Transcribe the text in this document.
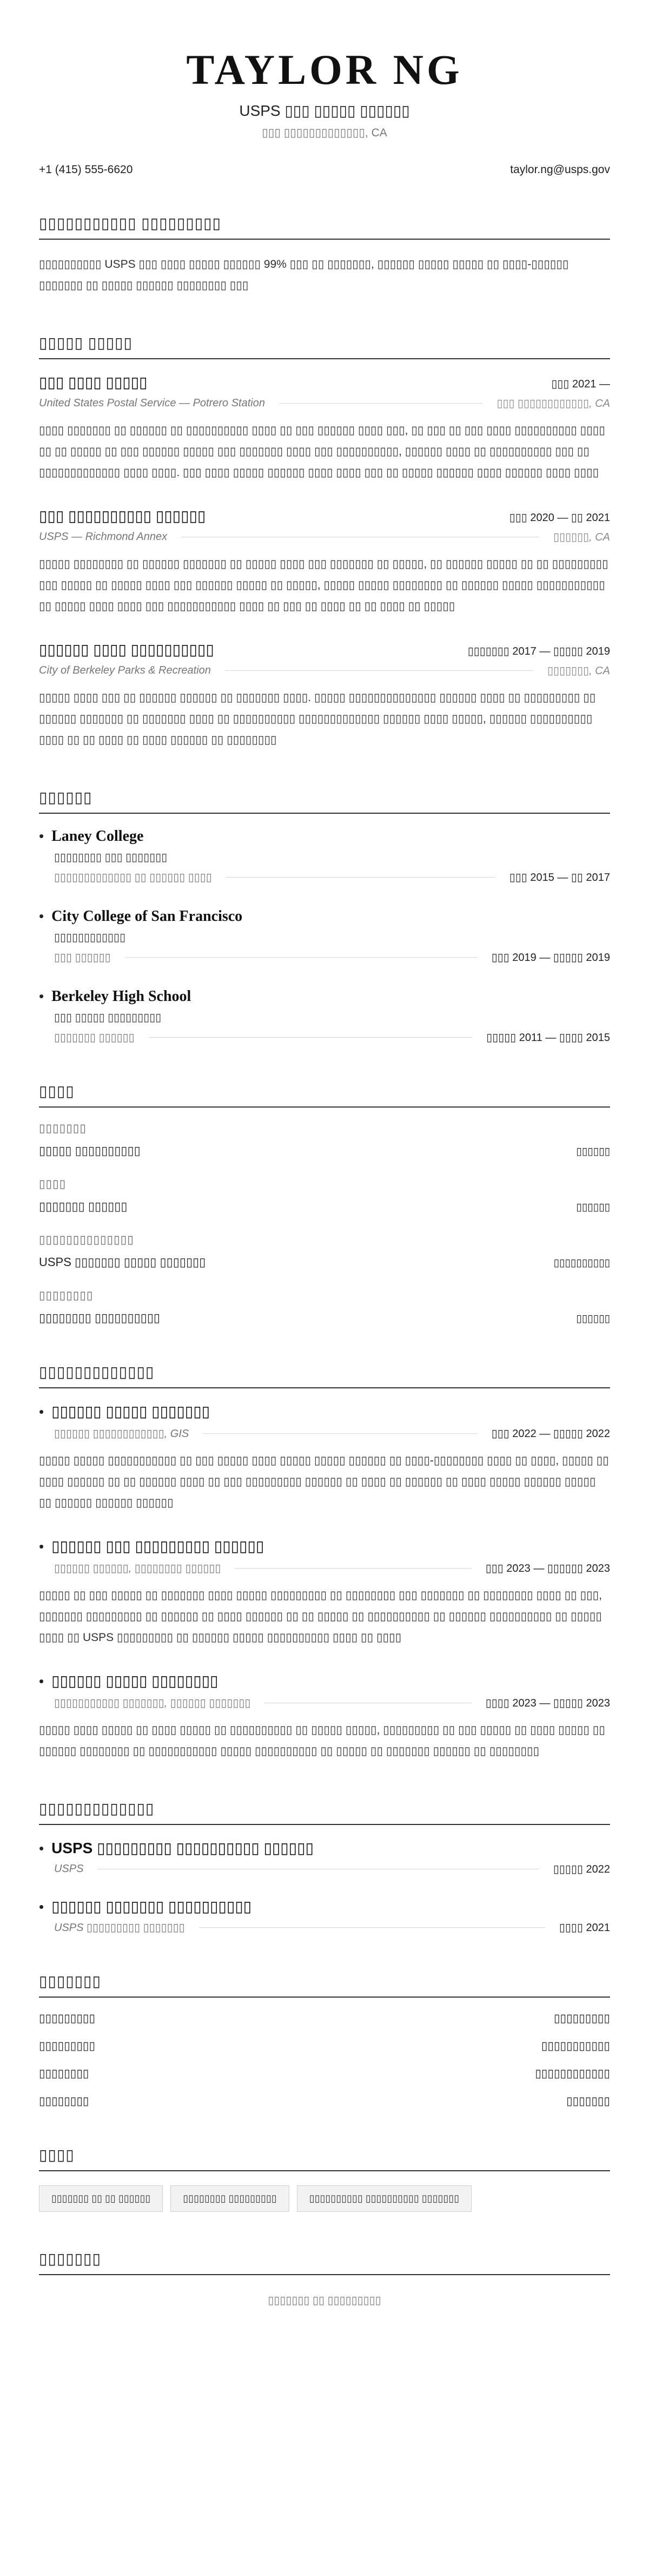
TAYLOR NG
USPS ▯▯▯ ▯▯▯▯▯ ▯▯▯▯▯▯
▯▯▯ ▯▯▯▯▯▯▯▯▯▯▯▯▯, CA
+1 (415) 555-6620	taylor.ng@usps.gov
▯▯▯▯▯▯▯▯▯▯▯ ▯▯▯▯▯▯▯▯▯
▯▯▯▯▯▯▯▯▯▯ USPS ▯▯▯ ▯▯▯▯ ▯▯▯▯▯ ▯▯▯▯▯▯ 99% ▯▯▯ ▯▯ ▯▯▯▯▯▯▯, ▯▯▯▯▯▯ ▯▯▯▯▯ ▯▯▯▯▯ ▯▯ ▯▯▯▯-▯▯▯▯▯▯ ▯▯▯▯▯▯▯ ▯▯ ▯▯▯▯▯ ▯▯▯▯▯▯ ▯▯▯▯▯▯▯▯ ▯▯▯
▯▯▯▯▯ ▯▯▯▯▯
▯▯▯ ▯▯▯▯ ▯▯▯▯▯	▯▯▯ 2021 —
United States Postal Service — Potrero Station	▯▯▯ ▯▯▯▯▯▯▯▯▯▯▯▯, CA
▯▯▯▯ ▯▯▯▯▯▯▯ ▯▯ ▯▯▯▯▯▯ ▯▯ ▯▯▯▯▯▯▯▯▯▯ ▯▯▯▯ ▯▯ ▯▯▯ ▯▯▯▯▯▯ ▯▯▯▯ ▯▯▯, ▯▯ ▯▯▯ ▯▯ ▯▯▯ ▯▯▯▯ ▯▯▯▯▯▯▯▯▯▯ ▯▯▯▯ ▯▯ ▯▯ ▯▯▯▯▯ ▯▯ ▯▯▯ ▯▯▯▯▯▯ ▯▯▯▯▯ ▯▯▯ ▯▯▯▯▯▯▯ ▯▯▯▯ ▯▯▯ ▯▯▯▯▯▯▯▯▯▯, ▯▯▯▯▯▯ ▯▯▯▯ ▯▯ ▯▯▯▯▯▯▯▯▯▯ ▯▯▯ ▯▯ ▯▯▯▯▯▯▯▯▯▯▯▯▯ ▯▯▯▯ ▯▯▯▯. ▯▯▯ ▯▯▯▯ ▯▯▯▯▯ ▯▯▯▯▯▯ ▯▯▯▯ ▯▯▯▯ ▯▯▯ ▯▯ ▯▯▯▯▯ ▯▯▯▯▯▯ ▯▯▯▯ ▯▯▯▯▯▯ ▯▯▯▯ ▯▯▯▯
▯▯▯ ▯▯▯▯▯▯▯▯▯▯ ▯▯▯▯▯▯	▯▯▯ 2020 — ▯▯ 2021
USPS — Richmond Annex	▯▯▯▯▯▯, CA
▯▯▯▯▯ ▯▯▯▯▯▯▯▯ ▯▯ ▯▯▯▯▯▯ ▯▯▯▯▯▯▯ ▯▯ ▯▯▯▯▯ ▯▯▯▯ ▯▯▯ ▯▯▯▯▯▯▯ ▯▯ ▯▯▯▯▯, ▯▯ ▯▯▯▯▯▯ ▯▯▯▯▯ ▯▯ ▯▯ ▯▯▯▯▯▯▯▯▯ ▯▯▯ ▯▯▯▯▯ ▯▯ ▯▯▯▯▯ ▯▯▯▯ ▯▯▯ ▯▯▯▯▯▯ ▯▯▯▯▯ ▯▯ ▯▯▯▯▯, ▯▯▯▯▯ ▯▯▯▯▯ ▯▯▯▯▯▯▯▯ ▯▯ ▯▯▯▯▯▯ ▯▯▯▯▯ ▯▯▯▯▯▯▯▯▯▯▯ ▯▯ ▯▯▯▯▯ ▯▯▯▯ ▯▯▯▯ ▯▯▯ ▯▯▯▯▯▯▯▯▯▯▯ ▯▯▯▯ ▯▯ ▯▯▯ ▯▯ ▯▯▯▯ ▯▯ ▯▯ ▯▯▯▯ ▯▯ ▯▯▯▯▯
▯▯▯▯▯▯ ▯▯▯▯ ▯▯▯▯▯▯▯▯▯▯	▯▯▯▯▯▯▯ 2017 — ▯▯▯▯▯ 2019
City of Berkeley Parks & Recreation	▯▯▯▯▯▯▯, CA
▯▯▯▯▯ ▯▯▯▯ ▯▯▯ ▯▯ ▯▯▯▯▯▯ ▯▯▯▯▯▯ ▯▯ ▯▯▯▯▯▯▯ ▯▯▯▯. ▯▯▯▯▯ ▯▯▯▯▯▯▯▯▯▯▯▯▯▯ ▯▯▯▯▯▯ ▯▯▯▯ ▯▯ ▯▯▯▯▯▯▯▯▯ ▯▯ ▯▯▯▯▯▯ ▯▯▯▯▯▯▯ ▯▯ ▯▯▯▯▯▯▯ ▯▯▯▯ ▯▯ ▯▯▯▯▯▯▯▯▯▯ ▯▯▯▯▯▯▯▯▯▯▯▯▯ ▯▯▯▯▯▯ ▯▯▯▯ ▯▯▯▯▯, ▯▯▯▯▯▯ ▯▯▯▯▯▯▯▯▯▯ ▯▯▯▯ ▯▯ ▯▯ ▯▯▯▯ ▯▯ ▯▯▯▯ ▯▯▯▯▯▯ ▯▯ ▯▯▯▯▯▯▯▯
▯▯▯▯▯▯
• Laney College
▯▯▯▯▯▯▯▯ ▯▯▯ ▯▯▯▯▯▯▯
▯▯▯▯▯▯▯▯▯▯▯▯▯ ▯▯ ▯▯▯▯▯▯ ▯▯▯▯	▯▯▯ 2015 — ▯▯ 2017
• City College of San Francisco
▯▯▯▯▯▯▯▯▯▯▯▯
▯▯▯ ▯▯▯▯▯▯	▯▯▯ 2019 — ▯▯▯▯▯ 2019
• Berkeley High School
▯▯▯ ▯▯▯▯▯ ▯▯▯▯▯▯▯▯▯
▯▯▯▯▯▯▯ ▯▯▯▯▯▯	▯▯▯▯▯ 2011 — ▯▯▯▯ 2015
▯▯▯▯
▯▯▯▯▯▯▯
▯▯▯▯▯ ▯▯▯▯▯▯▯▯▯▯	▯▯▯▯▯▯
▯▯▯▯
▯▯▯▯▯▯▯ ▯▯▯▯▯▯	▯▯▯▯▯▯
▯▯▯▯▯▯▯▯▯▯▯▯▯▯
USPS ▯▯▯▯▯▯▯ ▯▯▯▯▯ ▯▯▯▯▯▯▯	▯▯▯▯▯▯▯▯▯▯
▯▯▯▯▯▯▯▯
▯▯▯▯▯▯▯▯ ▯▯▯▯▯▯▯▯▯▯	▯▯▯▯▯▯
▯▯▯▯▯▯▯▯▯▯▯▯▯
• ▯▯▯▯▯▯ ▯▯▯▯▯ ▯▯▯▯▯▯▯
▯▯▯▯▯▯ ▯▯▯▯▯▯▯▯▯▯▯▯, GIS	▯▯▯ 2022 — ▯▯▯▯▯ 2022
▯▯▯▯▯ ▯▯▯▯▯ ▯▯▯▯▯▯▯▯▯▯▯ ▯▯ ▯▯▯ ▯▯▯▯▯ ▯▯▯▯ ▯▯▯▯▯ ▯▯▯▯▯ ▯▯▯▯▯▯ ▯▯ ▯▯▯▯-▯▯▯▯▯▯▯▯ ▯▯▯▯ ▯▯ ▯▯▯▯, ▯▯▯▯▯ ▯▯ ▯▯▯▯ ▯▯▯▯▯▯ ▯▯ ▯▯ ▯▯▯▯▯▯ ▯▯▯▯ ▯▯ ▯▯▯ ▯▯▯▯▯▯▯▯▯ ▯▯▯▯▯▯ ▯▯ ▯▯▯▯ ▯▯ ▯▯▯▯▯▯ ▯▯ ▯▯▯▯ ▯▯▯▯▯ ▯▯▯▯▯▯ ▯▯▯▯▯ ▯▯ ▯▯▯▯▯▯ ▯▯▯▯▯▯ ▯▯▯▯▯▯
• ▯▯▯▯▯▯ ▯▯▯ ▯▯▯▯▯▯▯▯▯ ▯▯▯▯▯▯
▯▯▯▯▯▯ ▯▯▯▯▯▯, ▯▯▯▯▯▯▯▯ ▯▯▯▯▯▯	▯▯▯ 2023 — ▯▯▯▯▯▯ 2023
▯▯▯▯▯ ▯▯ ▯▯▯ ▯▯▯▯▯ ▯▯ ▯▯▯▯▯▯▯ ▯▯▯▯ ▯▯▯▯▯ ▯▯▯▯▯▯▯▯▯ ▯▯ ▯▯▯▯▯▯▯▯ ▯▯▯ ▯▯▯▯▯▯▯ ▯▯ ▯▯▯▯▯▯▯▯ ▯▯▯▯ ▯▯ ▯▯▯, ▯▯▯▯▯▯▯ ▯▯▯▯▯▯▯▯▯ ▯▯ ▯▯▯▯▯▯ ▯▯ ▯▯▯▯ ▯▯▯▯▯▯ ▯▯ ▯▯ ▯▯▯▯▯ ▯▯ ▯▯▯▯▯▯▯▯▯▯ ▯▯ ▯▯▯▯▯▯ ▯▯▯▯▯▯▯▯▯▯ ▯▯ ▯▯▯▯▯ ▯▯▯▯ ▯▯ USPS ▯▯▯▯▯▯▯▯▯ ▯▯ ▯▯▯▯▯▯ ▯▯▯▯▯ ▯▯▯▯▯▯▯▯▯▯ ▯▯▯▯ ▯▯ ▯▯▯▯
• ▯▯▯▯▯▯ ▯▯▯▯▯ ▯▯▯▯▯▯▯▯
▯▯▯▯▯▯▯▯▯▯▯ ▯▯▯▯▯▯▯, ▯▯▯▯▯▯ ▯▯▯▯▯▯▯	▯▯▯▯ 2023 — ▯▯▯▯▯ 2023
▯▯▯▯▯ ▯▯▯▯ ▯▯▯▯▯ ▯▯ ▯▯▯▯ ▯▯▯▯▯ ▯▯ ▯▯▯▯▯▯▯▯▯▯ ▯▯ ▯▯▯▯▯ ▯▯▯▯▯, ▯▯▯▯▯▯▯▯▯ ▯▯ ▯▯▯ ▯▯▯▯▯ ▯▯ ▯▯▯▯ ▯▯▯▯▯ ▯▯ ▯▯▯▯▯▯ ▯▯▯▯▯▯▯▯ ▯▯ ▯▯▯▯▯▯▯▯▯▯▯ ▯▯▯▯▯ ▯▯▯▯▯▯▯▯▯▯ ▯▯ ▯▯▯▯▯ ▯▯ ▯▯▯▯▯▯▯ ▯▯▯▯▯▯ ▯▯ ▯▯▯▯▯▯▯▯
▯▯▯▯▯▯▯▯▯▯▯▯▯
• USPS ▯▯▯▯▯▯▯▯▯ ▯▯▯▯▯▯▯▯▯▯ ▯▯▯▯▯▯
USPS	▯▯▯▯▯ 2022
• ▯▯▯▯▯▯ ▯▯▯▯▯▯▯ ▯▯▯▯▯▯▯▯▯▯
USPS ▯▯▯▯▯▯▯▯▯ ▯▯▯▯▯▯▯	▯▯▯▯ 2021
▯▯▯▯▯▯▯
▯▯▯▯▯▯▯▯▯	▯▯▯▯▯▯▯▯▯
▯▯▯▯▯▯▯▯▯	▯▯▯▯▯▯▯▯▯▯▯
▯▯▯▯▯▯▯▯	▯▯▯▯▯▯▯▯▯▯▯▯
▯▯▯▯▯▯▯▯	▯▯▯▯▯▯▯
▯▯▯▯
▯▯▯▯▯▯▯ ▯▯ ▯▯ ▯▯▯▯▯▯	▯▯▯▯▯▯▯▯ ▯▯▯▯▯▯▯▯▯	▯▯▯▯▯▯▯▯▯▯ ▯▯▯▯▯▯▯▯▯▯ ▯▯▯▯▯▯▯
▯▯▯▯▯▯▯
▯▯▯▯▯▯▯ ▯▯ ▯▯▯▯▯▯▯▯▯
